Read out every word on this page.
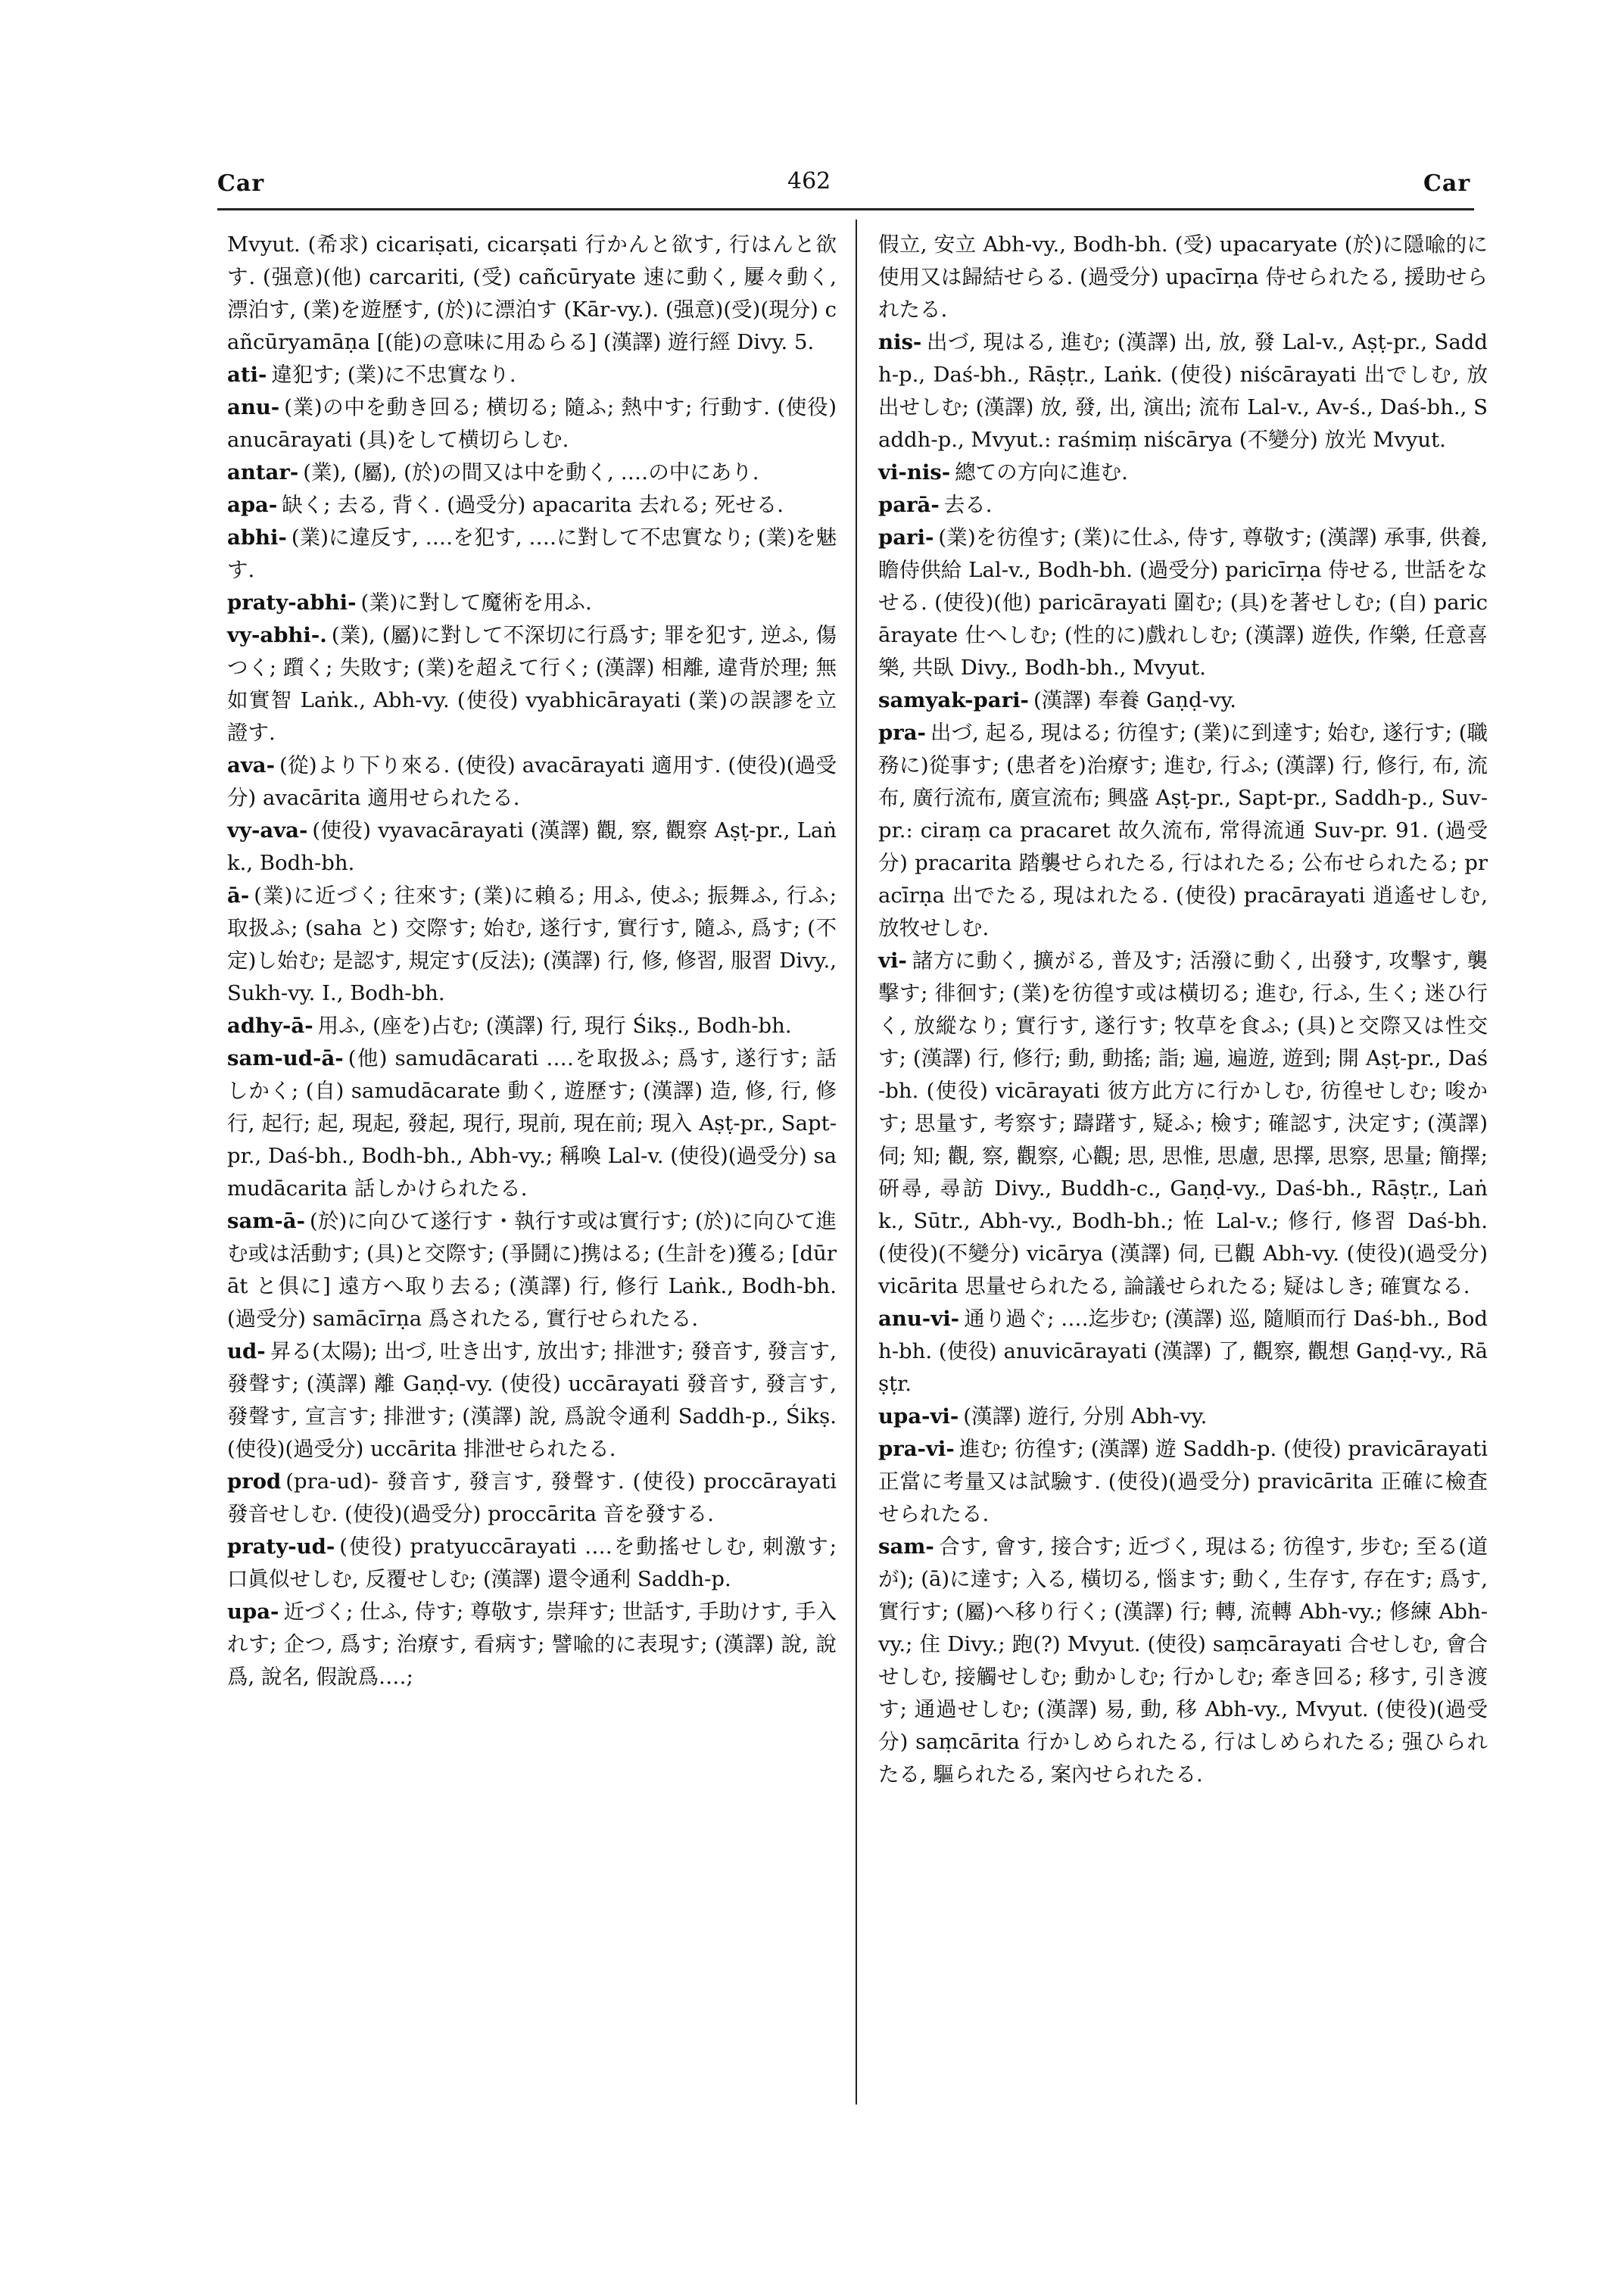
Car	462	Car

Mvyut. (希求) cicariṣati, cicarṣati 行かんと欲す, 行はんと欲す. (强意)(他) carcariti, (受) cañcūryate 速に動く, 屢々動く, 漂泊す, (業)を遊歷す, (於)に漂泊す (Kār-vy.). (强意)(受)(現分) cañcūryamāṇa [(能)の意味に用ゐらる] (漢譯) 遊行經 Divy. 5.

ati- 違犯す; (業)に不忠實なり.

anu- (業)の中を動き回る; 横切る; 隨ふ; 熱中す; 行動す. (使役) anucārayati (具)をして横切らしむ.

antar- (業), (屬), (於)の間又は中を動く, ‥‥の中にあり.

apa- 缺く; 去る, 背く. (過受分) apacarita 去れる; 死せる.

abhi- (業)に違反す, ‥‥を犯す, ‥‥に對して不忠實なり; (業)を魅す.

praty-abhi- (業)に對して魔術を用ふ.

vy-abhi-. (業), (屬)に對して不深切に行爲す; 罪を犯す, 逆ふ, 傷つく; 躓く; 失敗す; (業)を超えて行く; (漢譯) 相離, 違背於理; 無如實智 Laṅk., Abh-vy. (使役) vyabhicārayati (業)の誤謬を立證す.

ava- (從)より下り來る. (使役) avacārayati 適用す. (使役)(過受分) avacārita 適用せられたる.

vy-ava- (使役) vyavacārayati (漢譯) 觀, 察, 觀察 Aṣṭ-pr., Laṅk., Bodh-bh.

ā- (業)に近づく; 往來す; (業)に賴る; 用ふ, 使ふ; 振舞ふ, 行ふ; 取扱ふ; (saha と) 交際す; 始む, 遂行す, 實行す, 隨ふ, 爲す; (不定)し始む; 是認す, 規定す(反法); (漢譯) 行, 修, 修習, 服習 Divy., Sukh-vy. I., Bodh-bh.

adhy-ā- 用ふ, (座を)占む; (漢譯) 行, 現行 Śikṣ., Bodh-bh.

sam-ud-ā- (他) samudācarati ‥‥を取扱ふ; 爲す, 遂行す; 話しかく; (自) samudācarate 動く, 遊歷す; (漢譯) 造, 修, 行, 修行, 起行; 起, 現起, 發起, 現行, 現前, 現在前; 現入 Aṣṭ-pr., Sapt-pr., Daś-bh., Bodh-bh., Abh-vy.; 稱喚 Lal-v. (使役)(過受分) samudācarita 話しかけられたる.

sam-ā- (於)に向ひて遂行す・執行す或は實行す; (於)に向ひて進む或は活動す; (具)と交際す; (爭鬪に)携はる; (生計を)獲る; [dūrāt と俱に] 遠方へ取り去る; (漢譯) 行, 修行 Laṅk., Bodh-bh. (過受分) samācīrṇa 爲されたる, 實行せられたる.

ud- 昇る(太陽); 出づ, 吐き出す, 放出す; 排泄す; 發音す, 發言す, 發聲す; (漢譯) 離 Gaṇḍ-vy. (使役) uccārayati 發音す, 發言す, 發聲す, 宣言す; 排泄す; (漢譯) 說, 爲說令通利 Saddh-p., Śikṣ. (使役)(過受分) uccārita 排泄せられたる.

prod (pra-ud)- 發音す, 發言す, 發聲す. (使役) proccārayati 發音せしむ. (使役)(過受分) proccārita 音を發する.

praty-ud- (使役) pratyuccārayati ‥‥を動搖せしむ, 刺激す; 口眞似せしむ, 反覆せしむ; (漢譯) 還令通利 Saddh-p.

upa- 近づく; 仕ふ, 侍す; 尊敬す, 崇拜す; 世話す, 手助けす, 手入れす; 企つ, 爲す; 治療す, 看病す; 譬喩的に表現す; (漢譯) 說, 說爲, 說名, 假說爲‥‥;

假立, 安立 Abh-vy., Bodh-bh. (受) upacaryate (於)に隱喩的に使用又は歸結せらる. (過受分) upacīrṇa 侍せられたる, 援助せられたる.

nis- 出づ, 現はる, 進む; (漢譯) 出, 放, 發 Lal-v., Aṣṭ-pr., Saddh-p., Daś-bh., Rāṣṭr., Laṅk. (使役) niścārayati 出でしむ, 放出せしむ; (漢譯) 放, 發, 出, 演出; 流布 Lal-v., Av-ś., Daś-bh., Saddh-p., Mvyut.: raśmiṃ niścārya (不變分) 放光 Mvyut.

vi-nis- 總ての方向に進む.

parā- 去る.

pari- (業)を彷徨す; (業)に仕ふ, 侍す, 尊敬す; (漢譯) 承事, 供養, 瞻侍供給 Lal-v., Bodh-bh. (過受分) paricīrṇa 侍せる, 世話をなせる. (使役)(他) paricārayati 圍む; (具)を著せしむ; (自) paricārayate 仕へしむ; (性的に)戲れしむ; (漢譯) 遊佚, 作樂, 任意喜樂, 共臥 Divy., Bodh-bh., Mvyut.

samyak-pari- (漢譯) 奉養 Gaṇḍ-vy.

pra- 出づ, 起る, 現はる; 彷徨す; (業)に到達す; 始む, 遂行す; (職務に)從事す; (患者を)治療す; 進む, 行ふ; (漢譯) 行, 修行, 布, 流布, 廣行流布, 廣宣流布; 興盛 Aṣṭ-pr., Sapt-pr., Saddh-p., Suv-pr.: ciraṃ ca pracaret 故久流布, 常得流通 Suv-pr. 91. (過受分) pracarita 踏襲せられたる, 行はれたる; 公布せられたる; pracīrṇa 出でたる, 現はれたる. (使役) pracārayati 逍遙せしむ, 放牧せしむ.

vi- 諸方に動く, 擴がる, 普及す; 活潑に動く, 出發す, 攻擊す, 襲擊す; 徘徊す; (業)を彷徨す或は橫切る; 進む, 行ふ, 生く; 迷ひ行く, 放縱なり; 實行す, 遂行す; 牧草を食ふ; (具)と交際又は性交す; (漢譯) 行, 修行; 動, 動搖; 詣; 遍, 遍遊, 遊到; 開 Aṣṭ-pr., Daś-bh. (使役) vicārayati 彼方此方に行かしむ, 彷徨せしむ; 唆かす; 思量す, 考察す; 躊躇す, 疑ふ; 檢す; 確認す, 決定す; (漢譯) 伺; 知; 觀, 察, 觀察, 心觀; 思, 思惟, 思慮, 思擇, 思察, 思量; 簡擇; 硏尋, 尋訪 Divy., Buddh-c., Gaṇḍ-vy., Daś-bh., Rāṣṭr., Laṅk., Sūtr., Abh-vy., Bodh-bh.; 恠 Lal-v.; 修行, 修習 Daś-bh. (使役)(不變分) vicārya (漢譯) 伺, 已觀 Abh-vy. (使役)(過受分) vicārita 思量せられたる, 論議せられたる; 疑はしき; 確實なる.

anu-vi- 通り過ぐ; ‥‥迄步む; (漢譯) 巡, 隨順而行 Daś-bh., Bodh-bh. (使役) anuvicārayati (漢譯) 了, 觀察, 觀想 Gaṇḍ-vy., Rāṣṭr.

upa-vi- (漢譯) 遊行, 分別 Abh-vy.

pra-vi- 進む; 彷徨す; (漢譯) 遊 Saddh-p. (使役) pravicārayati 正當に考量又は試驗す. (使役)(過受分) pravicārita 正確に檢査せられたる.

sam- 合す, 會す, 接合す; 近づく, 現はる; 彷徨す, 步む; 至る(道が); (ā)に達す; 入る, 橫切る, 惱ます; 動く, 生存す, 存在す; 爲す, 實行す; (屬)へ移り行く; (漢譯) 行; 轉, 流轉 Abh-vy.; 修練 Abh-vy.; 住 Divy.; 跑(?) Mvyut. (使役) saṃcārayati 合せしむ, 會合せしむ, 接觸せしむ; 動かしむ; 行かしむ; 牽き回る; 移す, 引き渡す; 通過せしむ; (漢譯) 易, 動, 移 Abh-vy., Mvyut. (使役)(過受分) saṃcārita 行かしめられたる, 行はしめられたる; 强ひられたる, 驅られたる, 案內せられたる.
